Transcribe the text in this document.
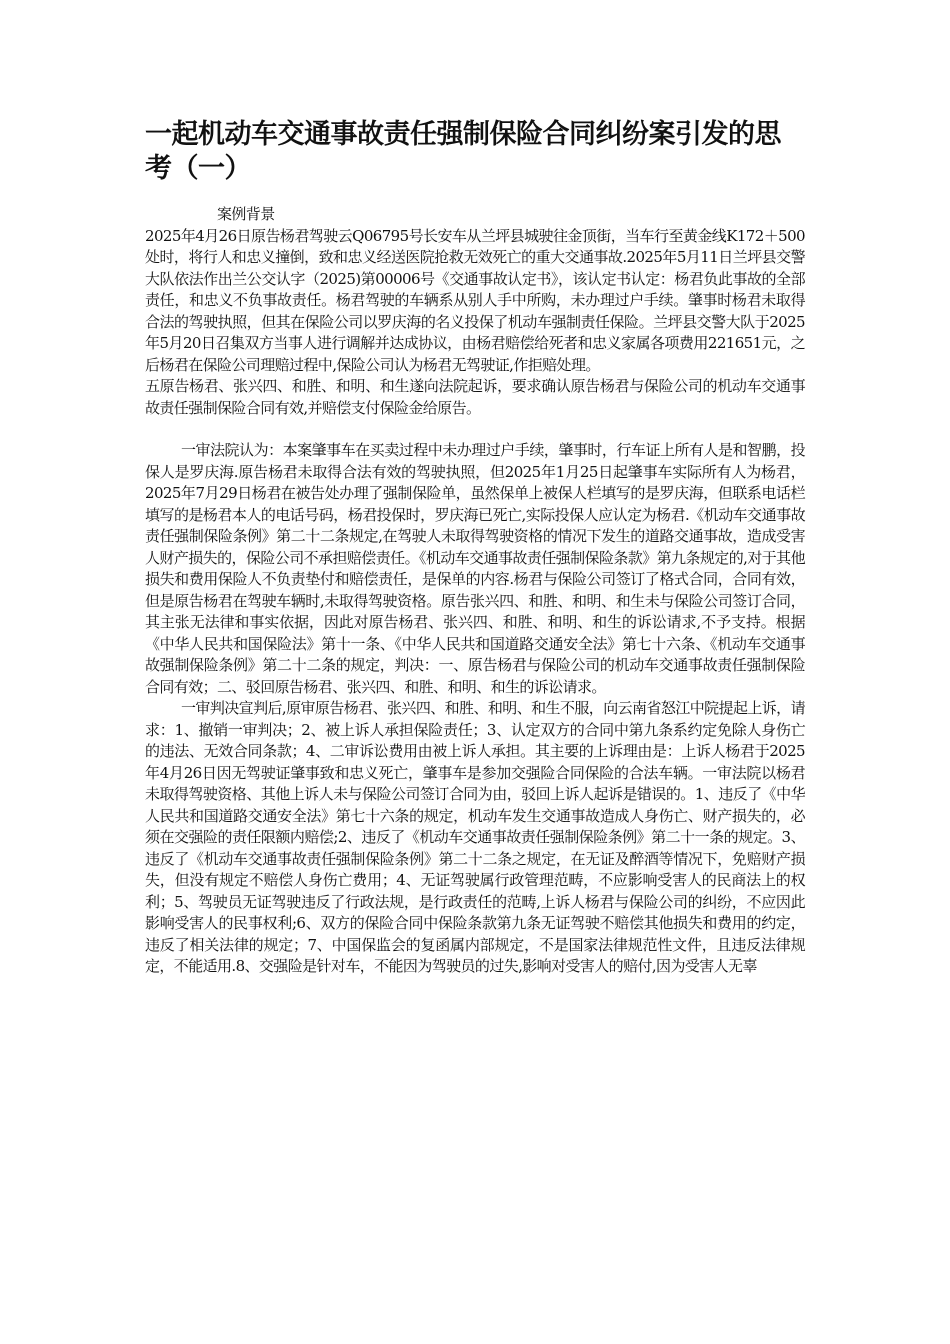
一起机动车交通事故责任强制保险合同纠纷案引发的思考（一）
案例背景

2025年4月26日原告杨君驾驶云Q06795号长安车从兰坪县城驶往金顶街，当车行至黄金线K172＋500处时，将行人和忠义撞倒，致和忠义经送医院抢救无效死亡的重大交通事故.2025年5月11日兰坪县交警大队依法作出兰公交认字（2025)第00006号《交通事故认定书》，该认定书认定：杨君负此事故的全部责任，和忠义不负事故责任。杨君驾驶的车辆系从别人手中所购，未办理过户手续。肇事时杨君未取得合法的驾驶执照，但其在保险公司以罗庆海的名义投保了机动车强制责任保险。兰坪县交警大队于2025年5月20日召集双方当事人进行调解并达成协议，由杨君赔偿给死者和忠义家属各项费用221651元，之后杨君在保险公司理赔过程中,保险公司认为杨君无驾驶证,作拒赔处理。

五原告杨君、张兴四、和胜、和明、和生遂向法院起诉，要求确认原告杨君与保险公司的机动车交通事故责任强制保险合同有效,并赔偿支付保险金给原告。

一审法院认为：本案肇事车在买卖过程中未办理过户手续，肇事时，行车证上所有人是和智鹏，投保人是罗庆海.原告杨君未取得合法有效的驾驶执照，但2025年1月25日起肇事车实际所有人为杨君，2025年7月29日杨君在被告处办理了强制保险单，虽然保单上被保人栏填写的是罗庆海，但联系电话栏填写的是杨君本人的电话号码，杨君投保时，罗庆海已死亡,实际投保人应认定为杨君.《机动车交通事故责任强制保险条例》第二十二条规定,在驾驶人未取得驾驶资格的情况下发生的道路交通事故，造成受害人财产损失的，保险公司不承担赔偿责任。《机动车交通事故责任强制保险条款》第九条规定的,对于其他损失和费用保险人不负责垫付和赔偿责任，是保单的内容.杨君与保险公司签订了格式合同，合同有效，但是原告杨君在驾驶车辆时,未取得驾驶资格。原告张兴四、和胜、和明、和生未与保险公司签订合同，其主张无法律和事实依据，因此对原告杨君、张兴四、和胜、和明、和生的诉讼请求,不予支持。根据《中华人民共和国保险法》第十一条、《中华人民共和国道路交通安全法》第七十六条、《机动车交通事故强制保险条例》第二十二条的规定，判决：一、原告杨君与保险公司的机动车交通事故责任强制保险合同有效；二、驳回原告杨君、张兴四、和胜、和明、和生的诉讼请求。

一审判决宣判后,原审原告杨君、张兴四、和胜、和明、和生不服，向云南省怒江中院提起上诉，请求：1、撤销一审判决；2、被上诉人承担保险责任；3、认定双方的合同中第九条系约定免除人身伤亡的违法、无效合同条款；4、二审诉讼费用由被上诉人承担。其主要的上诉理由是：上诉人杨君于2025年4月26日因无驾驶证肇事致和忠义死亡，肇事车是参加交强险合同保险的合法车辆。一审法院以杨君未取得驾驶资格、其他上诉人未与保险公司签订合同为由，驳回上诉人起诉是错误的。1、违反了《中华人民共和国道路交通安全法》第七十六条的规定，机动车发生交通事故造成人身伤亡、财产损失的，必须在交强险的责任限额内赔偿;2、违反了《机动车交通事故责任强制保险条例》第二十一条的规定。3、违反了《机动车交通事故责任强制保险条例》第二十二条之规定，在无证及醉酒等情况下，免赔财产损失，但没有规定不赔偿人身伤亡费用；4、无证驾驶属行政管理范畴，不应影响受害人的民商法上的权利；5、驾驶员无证驾驶违反了行政法规，是行政责任的范畴,上诉人杨君与保险公司的纠纷，不应因此影响受害人的民事权利;6、双方的保险合同中保险条款第九条无证驾驶不赔偿其他损失和费用的约定，违反了相关法律的规定；7、中国保监会的复函属内部规定，不是国家法律规范性文件，且违反法律规定，不能适用.8、交强险是针对车，不能因为驾驶员的过失,影响对受害人的赔付,因为受害人无辜
